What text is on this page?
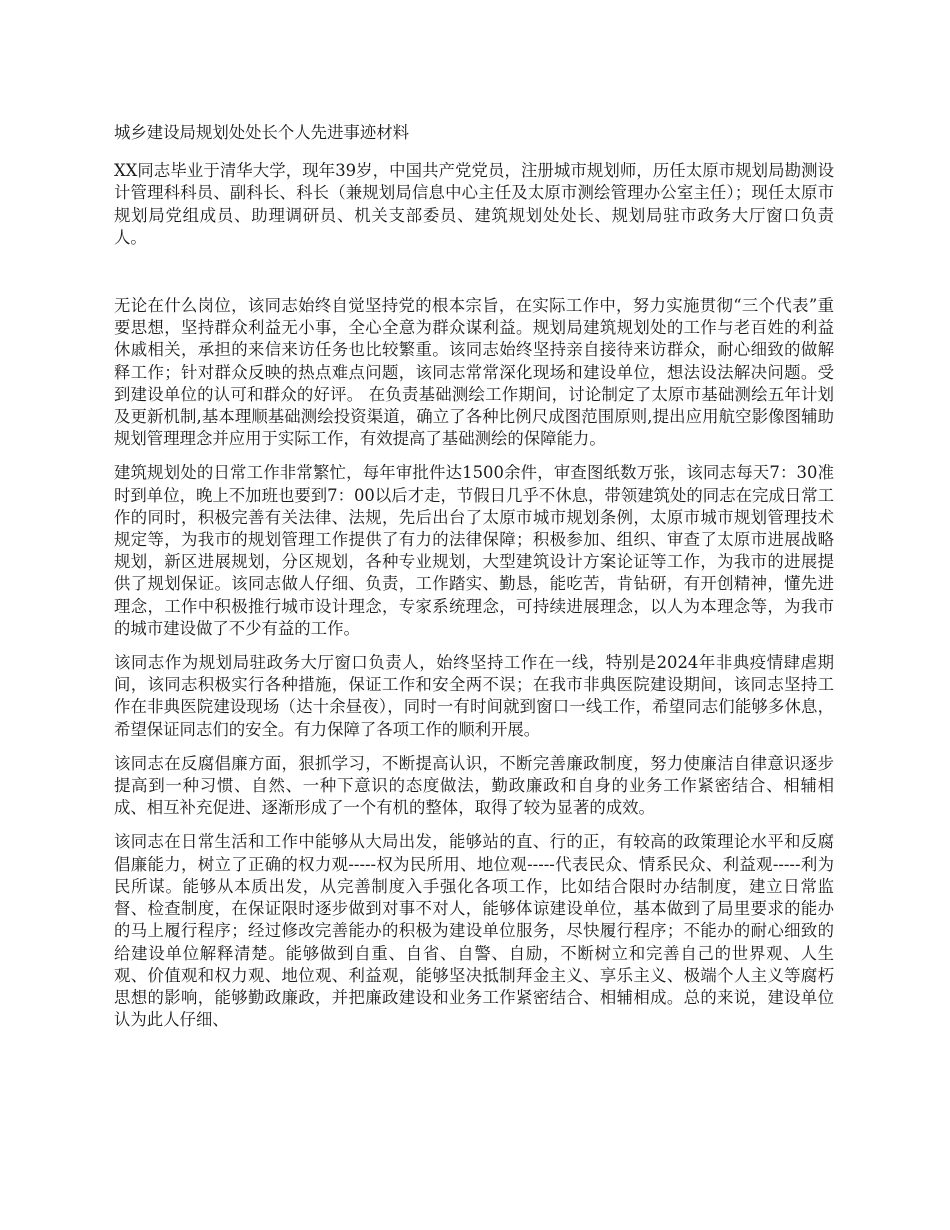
城乡建设局规划处处长个人先进事迹材料

XX同志毕业于清华大学，现年39岁，中国共产党党员，注册城市规划师，历任太原市规划局勘测设计管理科科员、副科长、科长（兼规划局信息中心主任及太原市测绘管理办公室主任）；现任太原市规划局党组成员、助理调研员、机关支部委员、建筑规划处处长、规划局驻市政务大厅窗口负责人。

无论在什么岗位，该同志始终自觉坚持党的根本宗旨，在实际工作中，努力实施贯彻“三个代表”重要思想，坚持群众利益无小事，全心全意为群众谋利益。规划局建筑规划处的工作与老百姓的利益休戚相关，承担的来信来访任务也比较繁重。该同志始终坚持亲自接待来访群众，耐心细致的做解释工作；针对群众反映的热点难点问题，该同志常常深化现场和建设单位，想法设法解决问题。受到建设单位的认可和群众的好评。 在负责基础测绘工作期间，讨论制定了太原市基础测绘五年计划及更新机制,基本理顺基础测绘投资渠道，确立了各种比例尺成图范围原则,提出应用航空影像图辅助规划管理理念并应用于实际工作，有效提高了基础测绘的保障能力。

建筑规划处的日常工作非常繁忙，每年审批件达1500余件，审查图纸数万张，该同志每天7：30准时到单位，晚上不加班也要到7：00以后才走，节假日几乎不休息，带领建筑处的同志在完成日常工作的同时，积极完善有关法律、法规，先后出台了太原市城市规划条例，太原市城市规划管理技术规定等，为我市的规划管理工作提供了有力的法律保障；积极参加、组织、审查了太原市进展战略规划，新区进展规划，分区规划，各种专业规划，大型建筑设计方案论证等工作，为我市的进展提供了规划保证。该同志做人仔细、负责，工作踏实、勤恳，能吃苦，肯钻研，有开创精神，懂先进理念，工作中积极推行城市设计理念，专家系统理念，可持续进展理念，以人为本理念等，为我市的城市建设做了不少有益的工作。

该同志作为规划局驻政务大厅窗口负责人，始终坚持工作在一线，特别是2024年非典疫情肆虐期间，该同志积极实行各种措施，保证工作和安全两不误；在我市非典医院建设期间，该同志坚持工作在非典医院建设现场（达十余昼夜），同时一有时间就到窗口一线工作，希望同志们能够多休息，希望保证同志们的安全。有力保障了各项工作的顺利开展。

该同志在反腐倡廉方面，狠抓学习，不断提高认识，不断完善廉政制度，努力使廉洁自律意识逐步提高到一种习惯、自然、一种下意识的态度做法，勤政廉政和自身的业务工作紧密结合、相辅相成、相互补充促进、逐渐形成了一个有机的整体，取得了较为显著的成效。

该同志在日常生活和工作中能够从大局出发，能够站的直、行的正，有较高的政策理论水平和反腐倡廉能力，树立了正确的权力观-----权为民所用、地位观-----代表民众、情系民众、利益观-----利为民所谋。能够从本质出发，从完善制度入手强化各项工作，比如结合限时办结制度，建立日常监督、检查制度，在保证限时逐步做到对事不对人，能够体谅建设单位，基本做到了局里要求的能办的马上履行程序；经过修改完善能办的积极为建设单位服务，尽快履行程序；不能办的耐心细致的给建设单位解释清楚。能够做到自重、自省、自警、自励，不断树立和完善自己的世界观、人生观、价值观和权力观、地位观、利益观，能够坚决抵制拜金主义、享乐主义、极端个人主义等腐朽思想的影响，能够勤政廉政，并把廉政建设和业务工作紧密结合、相辅相成。总的来说，建设单位认为此人仔细、
